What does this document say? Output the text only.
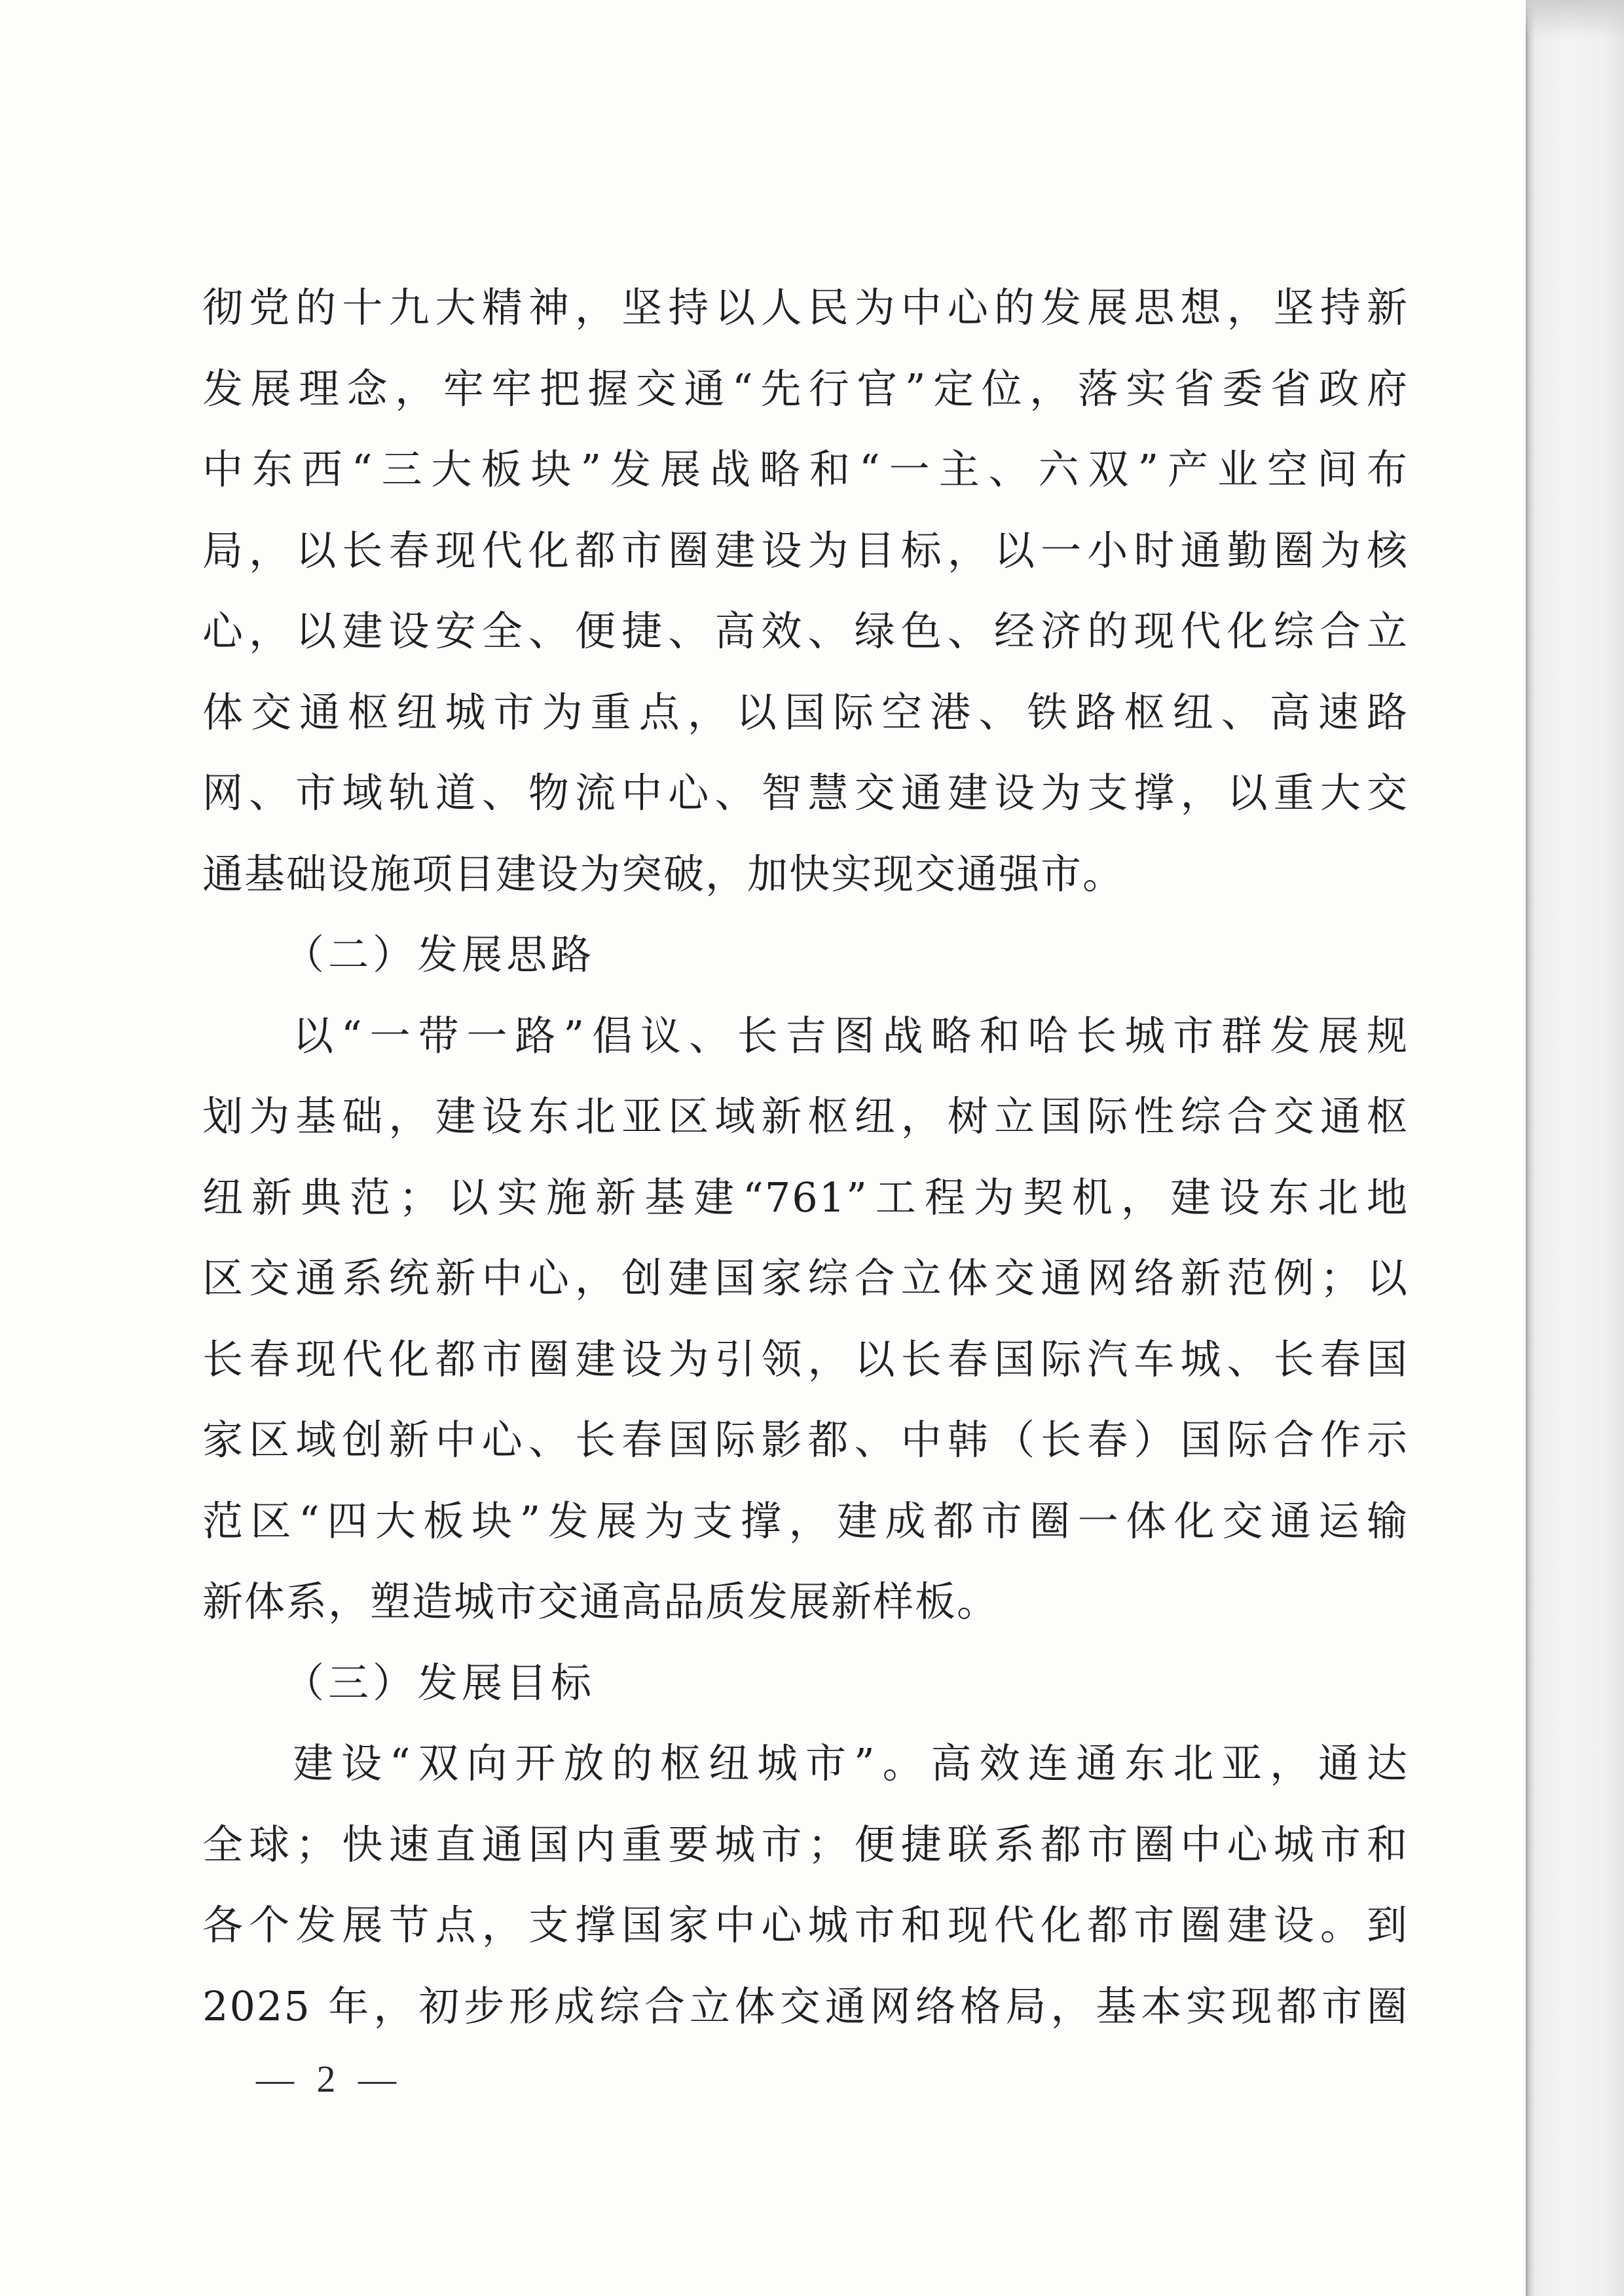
彻党的十九大精神，坚持以人民为中心的发展思想，坚持新
发展理念，牢牢把握交通“先行官”定位，落实省委省政府
中东西“三大板块”发展战略和“一主、六双”产业空间布
局，以长春现代化都市圈建设为目标，以一小时通勤圈为核
心，以建设安全、便捷、高效、绿色、经济的现代化综合立
体交通枢纽城市为重点，以国际空港、铁路枢纽、高速路
网、市域轨道、物流中心、智慧交通建设为支撑，以重大交
通基础设施项目建设为突破，加快实现交通强市。
（二）发展思路
以“一带一路”倡议、长吉图战略和哈长城市群发展规
划为基础，建设东北亚区域新枢纽，树立国际性综合交通枢
纽新典范；以实施新基建“761”工程为契机，建设东北地
区交通系统新中心，创建国家综合立体交通网络新范例；以
长春现代化都市圈建设为引领，以长春国际汽车城、长春国
家区域创新中心、长春国际影都、中韩（长春）国际合作示
范区“四大板块”发展为支撑，建成都市圈一体化交通运输
新体系，塑造城市交通高品质发展新样板。
（三）发展目标
建设“双向开放的枢纽城市”。高效连通东北亚，通达
全球；快速直通国内重要城市；便捷联系都市圈中心城市和
各个发展节点，支撑国家中心城市和现代化都市圈建设。到
2025 年，初步形成综合立体交通网络格局，基本实现都市圈
— 2 —
